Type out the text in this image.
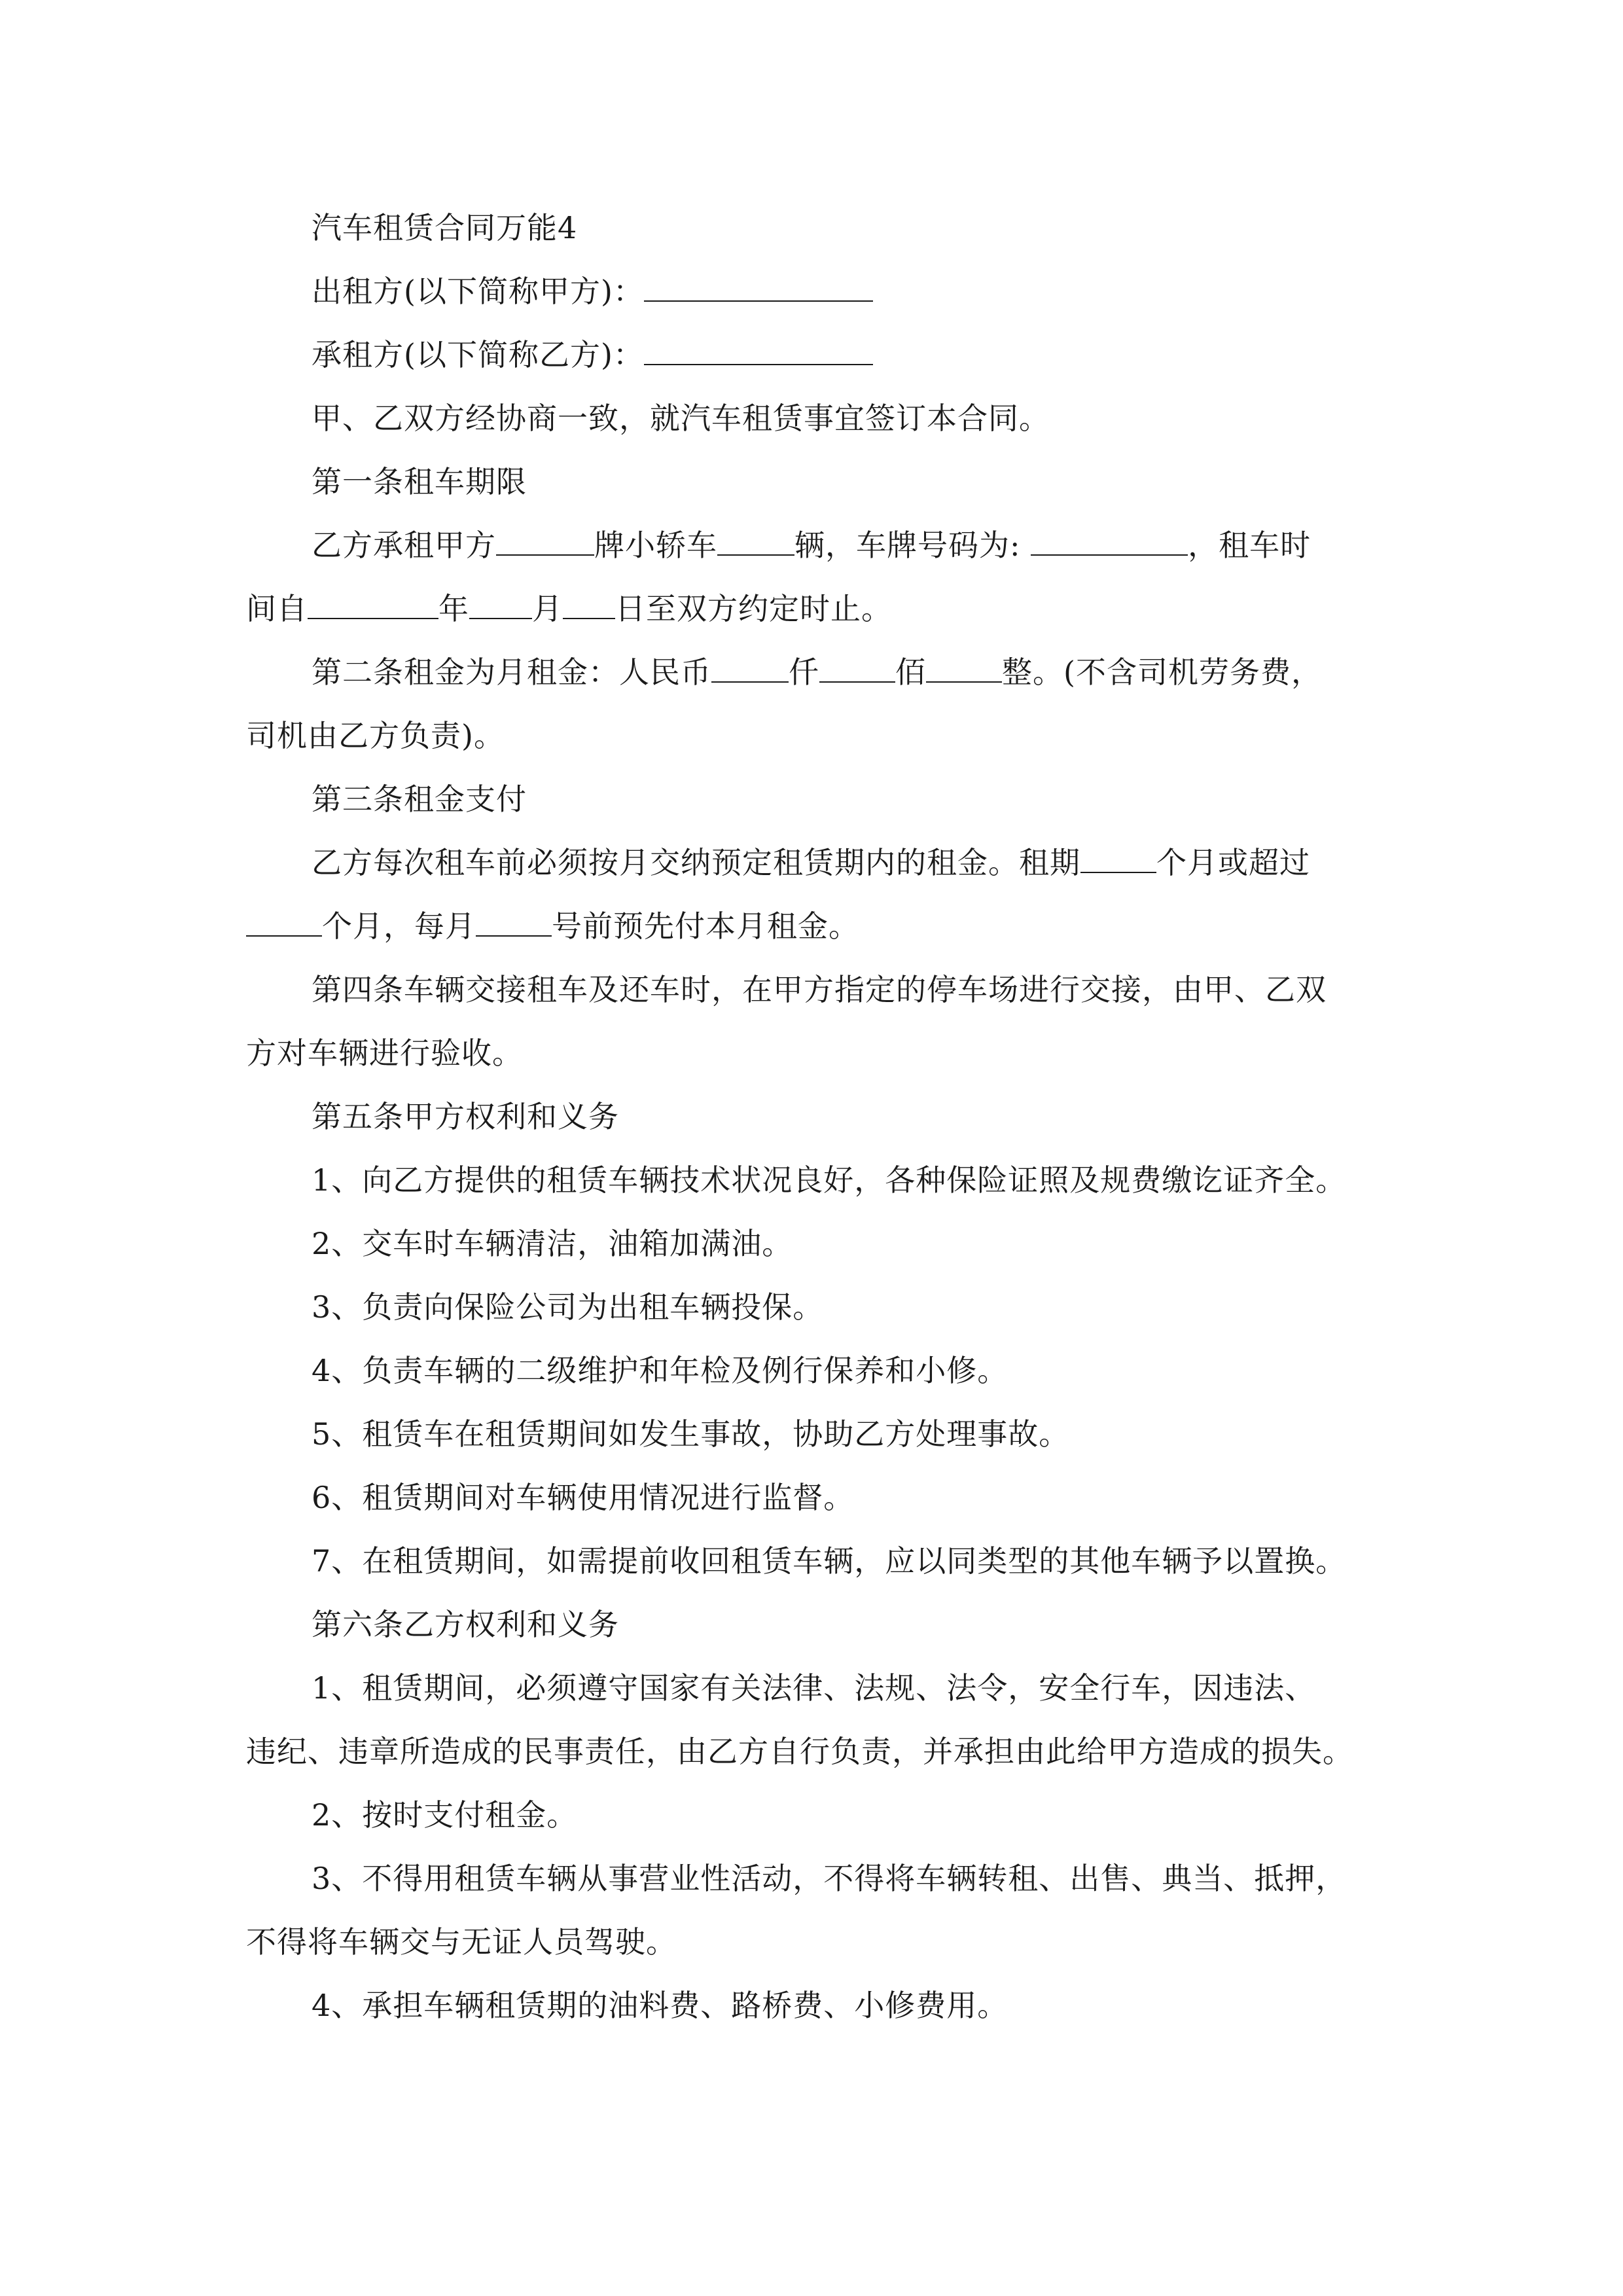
汽车租赁合同万能4
出租方(以下简称甲方)：
承租方(以下简称乙方)：
甲、乙双方经协商一致，就汽车租赁事宜签订本合同。
第一条租车期限
乙方承租甲方	牌小轿车	辆，车牌号码为:	，租车时
间自	年 月 日至双方约定时止。
第二条租金为月租金：人民币	仟	佰	整。(不含司机劳务费，
司机由乙方负责)。
第三条租金支付
乙方每次租车前必须按月交纳预定租赁期内的租金。租期	个月或超过
个月，每月	号前预先付本月租金。
第四条车辆交接租车及还车时，在甲方指定的停车场进行交接，由甲、乙双
方对车辆进行验收。
第五条甲方权利和义务
1、向乙方提供的租赁车辆技术状况良好，各种保险证照及规费缴讫证齐全。
2、交车时车辆清洁，油箱加满油。
3、负责向保险公司为出租车辆投保。
4、负责车辆的二级维护和年检及例行保养和小修。
5、租赁车在租赁期间如发生事故，协助乙方处理事故。
6、租赁期间对车辆使用情况进行监督。
7、在租赁期间，如需提前收回租赁车辆，应以同类型的其他车辆予以置换。
第六条乙方权利和义务
1、租赁期间，必须遵守国家有关法律、法规、法令，安全行车，因违法、
违纪、违章所造成的民事责任，由乙方自行负责，并承担由此给甲方造成的损失。
2、按时支付租金。
3、不得用租赁车辆从事营业性活动，不得将车辆转租、出售、典当、抵押，
不得将车辆交与无证人员驾驶。
4、承担车辆租赁期的油料费、路桥费、小修费用。
